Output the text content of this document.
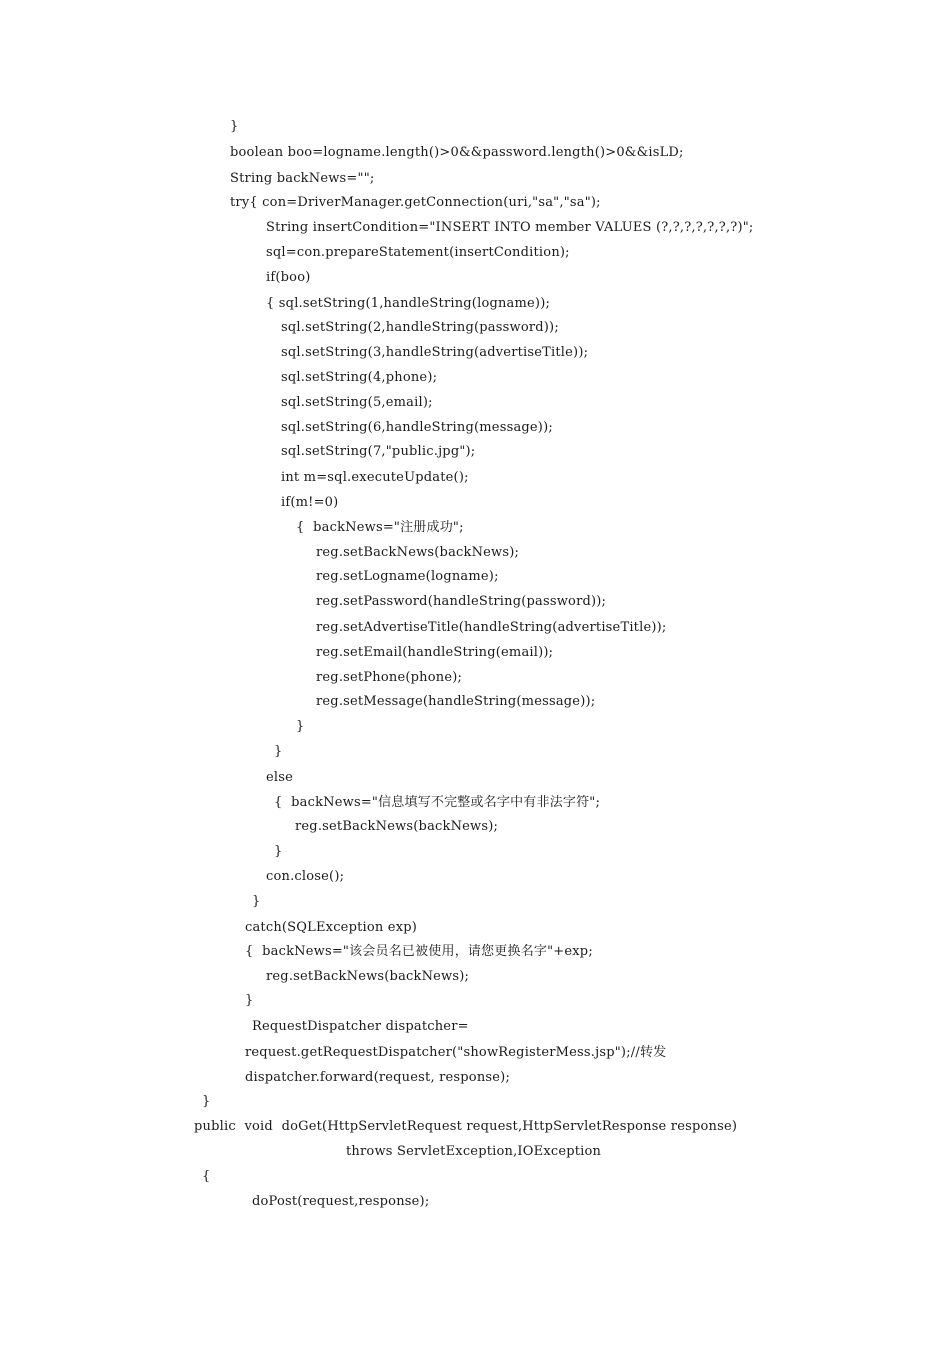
}
boolean boo=logname.length()>0&&password.length()>0&&isLD;
String backNews="";
try{ con=DriverManager.getConnection(uri,"sa","sa");
String insertCondition="INSERT INTO member VALUES (?,?,?,?,?,?,?)";
sql=con.prepareStatement(insertCondition);
if(boo)
{ sql.setString(1,handleString(logname));
sql.setString(2,handleString(password));
sql.setString(3,handleString(advertiseTitle));
sql.setString(4,phone);
sql.setString(5,email);
sql.setString(6,handleString(message));
sql.setString(7,"public.jpg");
int m=sql.executeUpdate();
if(m!=0)
{  backNews="注册成功";
reg.setBackNews(backNews);
reg.setLogname(logname);
reg.setPassword(handleString(password));
reg.setAdvertiseTitle(handleString(advertiseTitle));
reg.setEmail(handleString(email));
reg.setPhone(phone);
reg.setMessage(handleString(message));
}
}
else
{  backNews="信息填写不完整或名字中有非法字符";
reg.setBackNews(backNews);
}
con.close();
}
catch(SQLException exp)
{  backNews="该会员名已被使用，请您更换名字"+exp;
reg.setBackNews(backNews);
}
RequestDispatcher dispatcher=
request.getRequestDispatcher("showRegisterMess.jsp");//转发
dispatcher.forward(request, response);
}
public  void  doGet(HttpServletRequest request,HttpServletResponse response)
throws ServletException,IOException
{
doPost(request,response);
